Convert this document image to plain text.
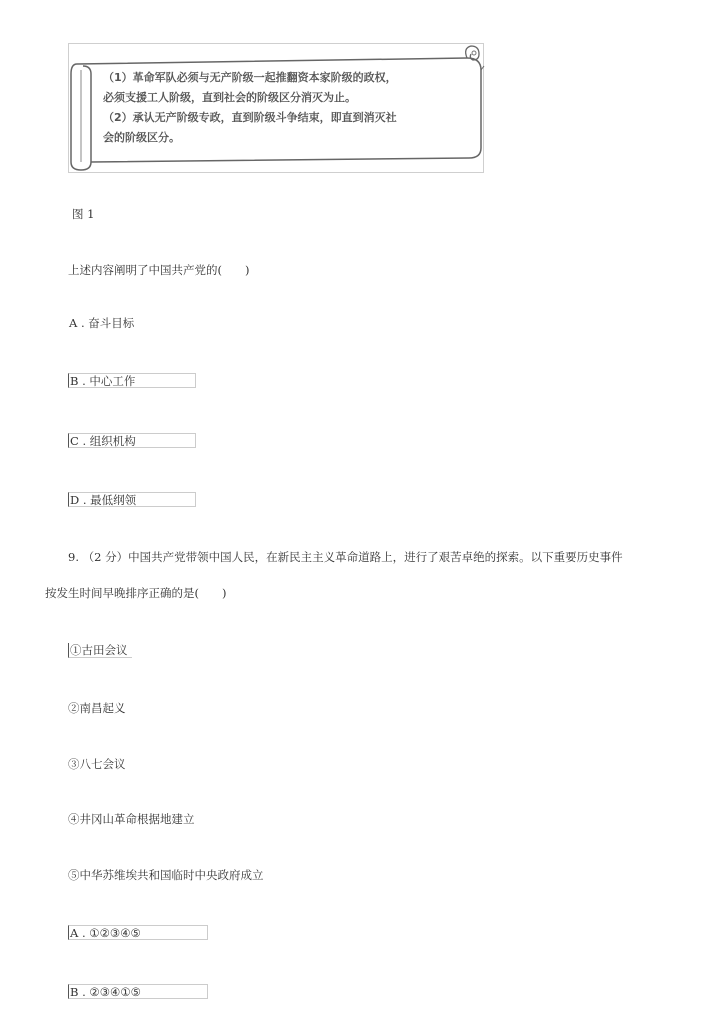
（1）革命军队必须与无产阶级一起推翻资本家阶级的政权，
必须支援工人阶级，直到社会的阶级区分消灭为止。
（2）承认无产阶级专政，直到阶级斗争结束，即直到消灭社
会的阶级区分。
图 1
上述内容阐明了中国共产党的(　　)
A . 奋斗目标
B . 中心工作
C . 组织机构
D . 最低纲领
9. （2 分）中国共产党带领中国人民，在新民主主义革命道路上，进行了艰苦卓绝的探索。以下重要历史事件
按发生时间早晚排序正确的是(　　)
①古田会议
②南昌起义
③八七会议
④井冈山革命根据地建立
⑤中华苏维埃共和国临时中央政府成立
A . ①②③④⑤
B . ②③④①⑤
